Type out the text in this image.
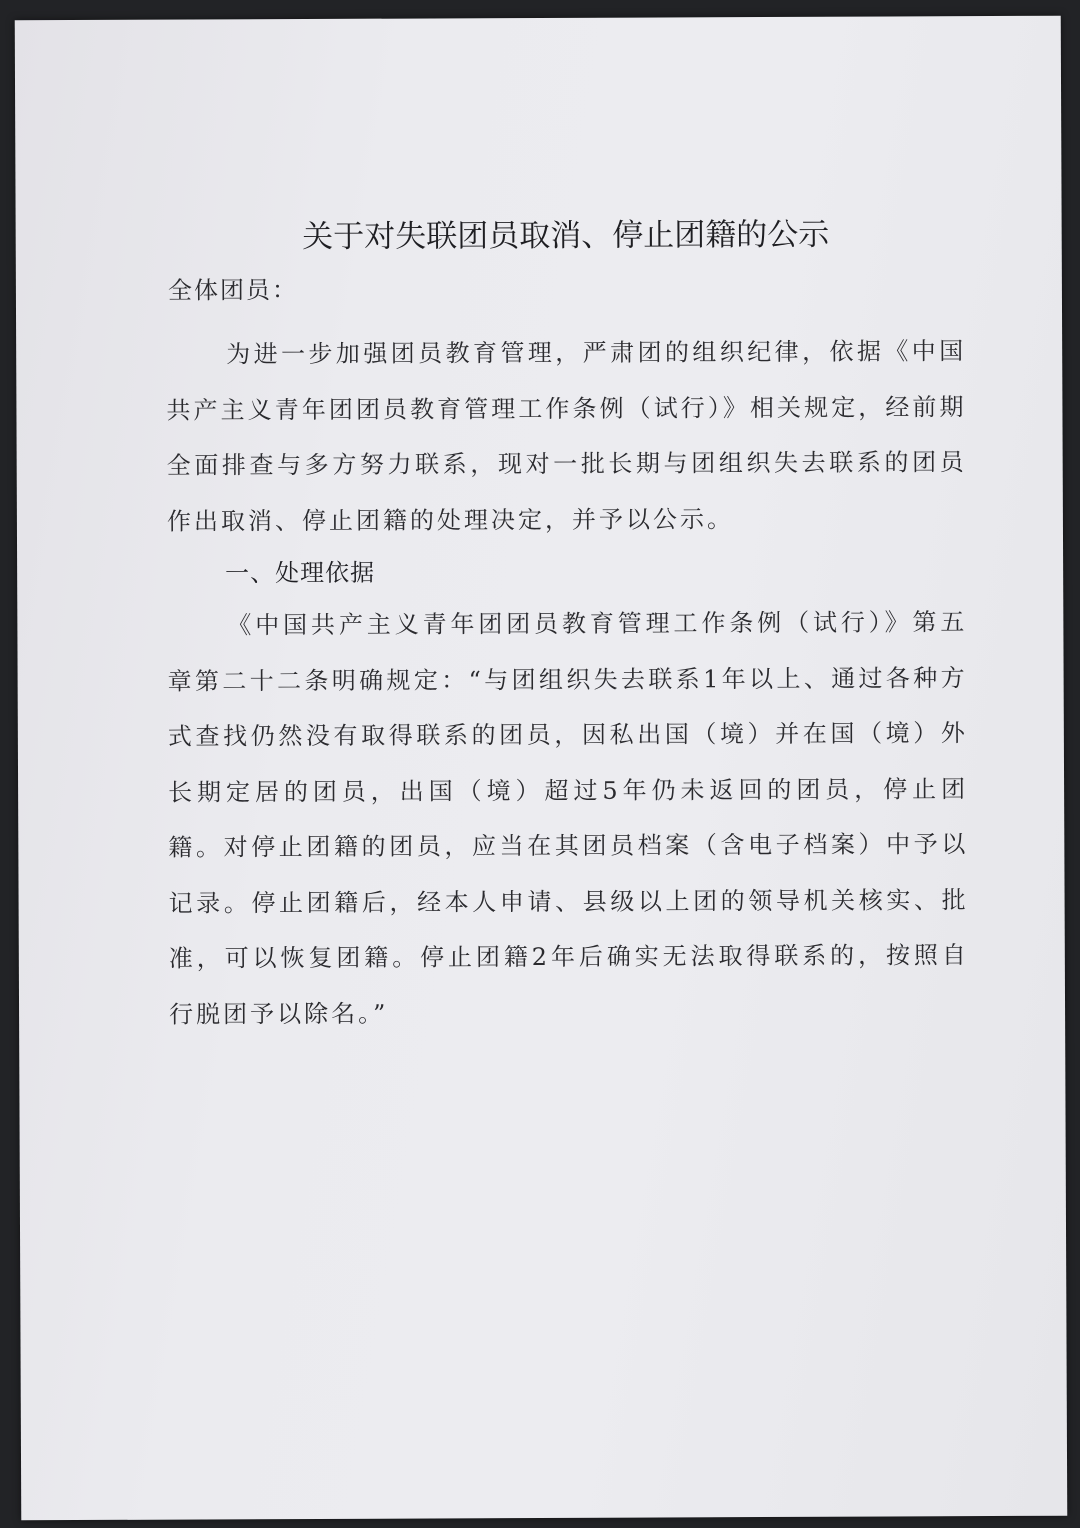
关于对失联团员取消、停止团籍的公示
全体团员：

为进一步加强团员教育管理，严肃团的组织纪律，依据《中国共产主义青年团团员教育管理工作条例（试行）》相关规定，经前期全面排查与多方努力联系，现对一批长期与团组织失去联系的团员作出取消、停止团籍的处理决定，并予以公示。

一、处理依据

《中国共产主义青年团团员教育管理工作条例（试行）》第五章第二十二条明确规定：“与团组织失去联系1年以上、通过各种方式查找仍然没有取得联系的团员，因私出国（境）并在国（境）外长期定居的团员，出国（境）超过5年仍未返回的团员，停止团籍。对停止团籍的团员，应当在其团员档案（含电子档案）中予以记录。停止团籍后，经本人申请、县级以上团的领导机关核实、批准，可以恢复团籍。停止团籍2年后确实无法取得联系的，按照自行脱团予以除名。”
